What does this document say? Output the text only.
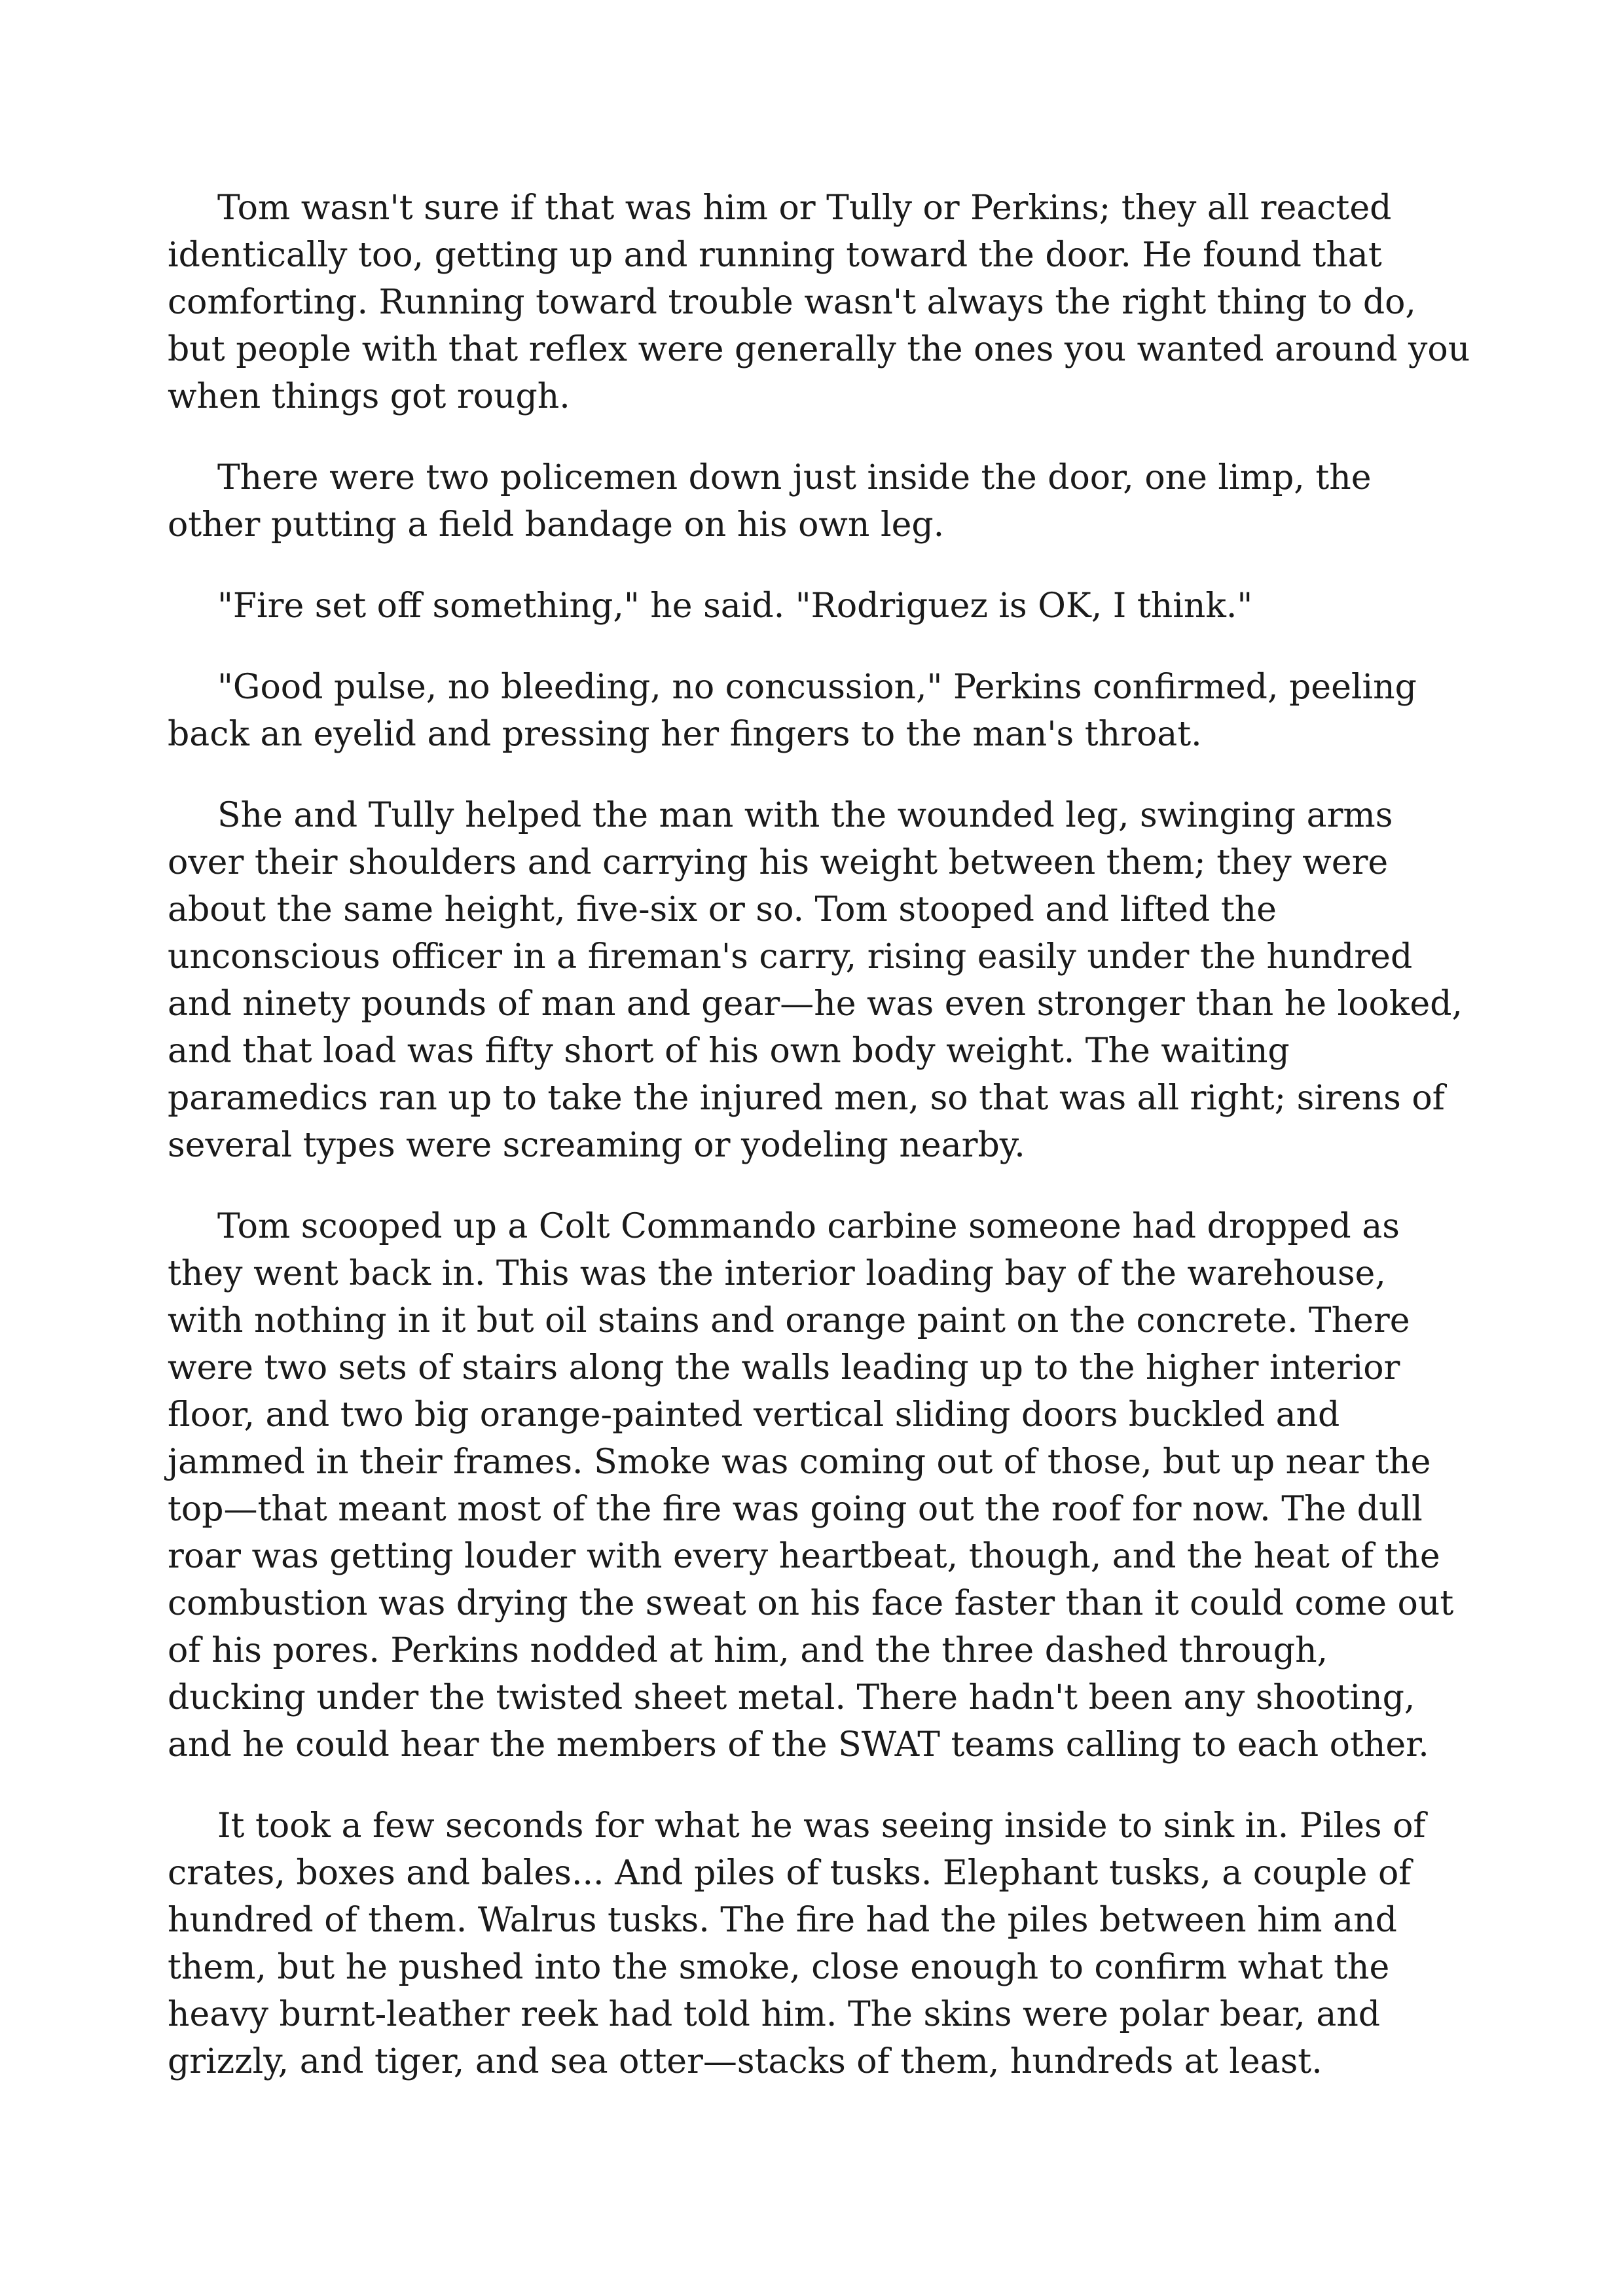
Tom wasn't sure if that was him or Tully or Perkins; they all reacted
identically too, getting up and running toward the door. He found that
comforting. Running toward trouble wasn't always the right thing to do,
but people with that reflex were generally the ones you wanted around you
when things got rough.

There were two policemen down just inside the door, one limp, the
other putting a field bandage on his own leg.

"Fire set off something," he said. "Rodriguez is OK, I think."

"Good pulse, no bleeding, no concussion," Perkins confirmed, peeling
back an eyelid and pressing her fingers to the man's throat.

She and Tully helped the man with the wounded leg, swinging arms
over their shoulders and carrying his weight between them; they were
about the same height, five-six or so. Tom stooped and lifted the
unconscious officer in a fireman's carry, rising easily under the hundred
and ninety pounds of man and gear—he was even stronger than he looked,
and that load was fifty short of his own body weight. The waiting
paramedics ran up to take the injured men, so that was all right; sirens of
several types were screaming or yodeling nearby.

Tom scooped up a Colt Commando carbine someone had dropped as
they went back in. This was the interior loading bay of the warehouse,
with nothing in it but oil stains and orange paint on the concrete. There
were two sets of stairs along the walls leading up to the higher interior
floor, and two big orange-painted vertical sliding doors buckled and
jammed in their frames. Smoke was coming out of those, but up near the
top—that meant most of the fire was going out the roof for now. The dull
roar was getting louder with every heartbeat, though, and the heat of the
combustion was drying the sweat on his face faster than it could come out
of his pores. Perkins nodded at him, and the three dashed through,
ducking under the twisted sheet metal. There hadn't been any shooting,
and he could hear the members of the SWAT teams calling to each other.

It took a few seconds for what he was seeing inside to sink in. Piles of
crates, boxes and bales... And piles of tusks. Elephant tusks, a couple of
hundred of them. Walrus tusks. The fire had the piles between him and
them, but he pushed into the smoke, close enough to confirm what the
heavy burnt-leather reek had told him. The skins were polar bear, and
grizzly, and tiger, and sea otter—stacks of them, hundreds at least.
